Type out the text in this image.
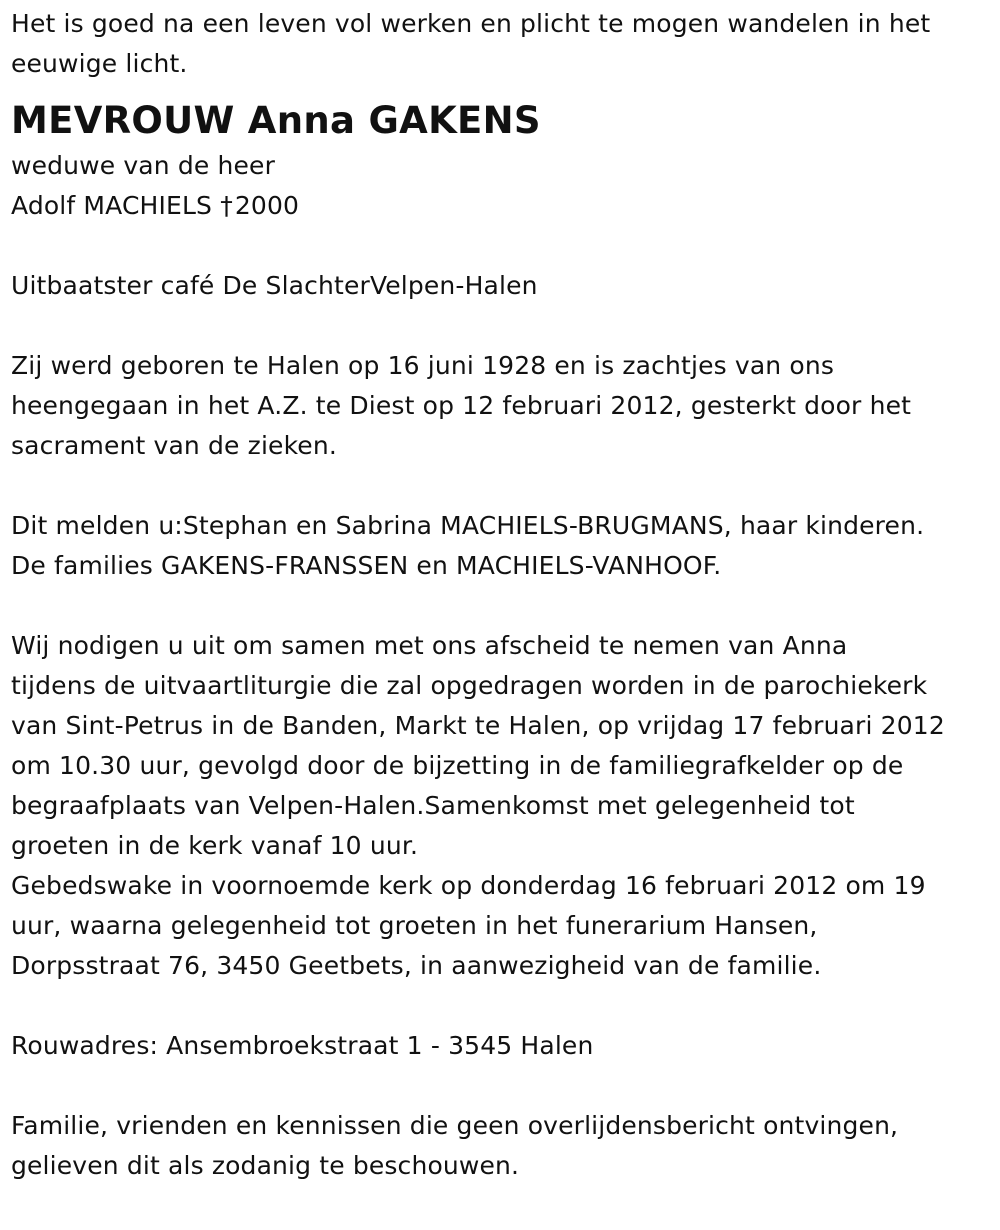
Het is goed na een leven vol werken en plicht te mogen wandelen in het
eeuwige licht.
MEVROUW Anna GAKENS
weduwe van de heer
Adolf MACHIELS †2000
Uitbaatster café De SlachterVelpen-Halen
Zij werd geboren te Halen op 16 juni 1928 en is zachtjes van ons
heengegaan in het A.Z. te Diest op 12 februari 2012, gesterkt door het
sacrament van de zieken.
Dit melden u:Stephan en Sabrina MACHIELS-BRUGMANS, haar kinderen.
De families GAKENS-FRANSSEN en MACHIELS-VANHOOF.
Wij nodigen u uit om samen met ons afscheid te nemen van Anna
tijdens de uitvaartliturgie die zal opgedragen worden in de parochiekerk
van Sint-Petrus in de Banden, Markt te Halen, op vrijdag 17 februari 2012
om 10.30 uur, gevolgd door de bijzetting in de familiegrafkelder op de
begraafplaats van Velpen-Halen.Samenkomst met gelegenheid tot
groeten in de kerk vanaf 10 uur.
Gebedswake in voornoemde kerk op donderdag 16 februari 2012 om 19
uur, waarna gelegenheid tot groeten in het funerarium Hansen,
Dorpsstraat 76, 3450 Geetbets, in aanwezigheid van de familie.
Rouwadres: Ansembroekstraat 1 - 3545 Halen
Familie, vrienden en kennissen die geen overlijdensbericht ontvingen,
gelieven dit als zodanig te beschouwen.
